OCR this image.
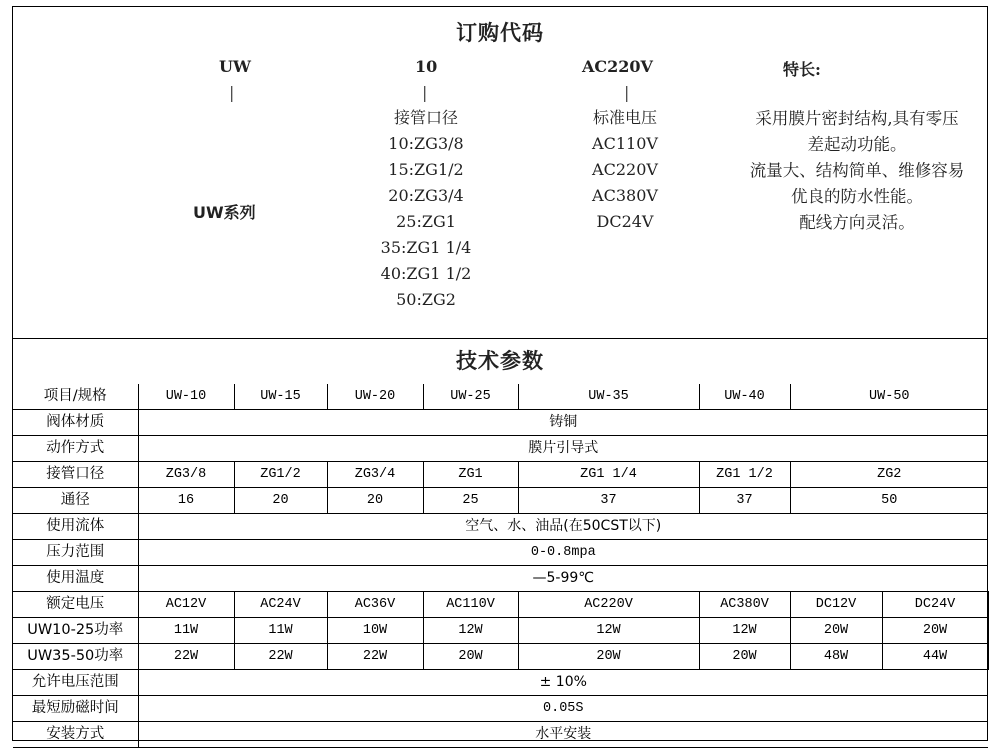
订购代码
UW	10	AC220V	特长:
|	|	|
UW系列
接管口径
10:ZG3/8
15:ZG1/2
20:ZG3/4
25:ZG1
35:ZG1 1/4
40:ZG1 1/2
50:ZG2
标准电压
AC110V
AC220V
AC380V
DC24V
采用膜片密封结构,具有零压
差起动功能。
流量大、结构简单、维修容易
优良的防水性能。
配线方向灵活。
技术参数
项目/规格	UW-10	UW-15	UW-20	UW-25	UW-35	UW-40	UW-50		
阀体材质	铸铜								
动作方式	膜片引导式								
接管口径	ZG3/8	ZG1/2	ZG3/4	ZG1	ZG1 1/4	ZG1 1/2	ZG2		
通径	16	20	20	25	37	37	50		
使用流体	空气、水、油品(在50CST以下)								
压力范围	0-0.8mpa								
使用温度	—5-99℃								
额定电压	AC12V	AC24V	AC36V	AC110V	AC220V	AC380V	DC12V	DC24V	
UW10-25功率	11W	11W	10W	12W	12W	12W	20W	20W	
UW35-50功率	22W	22W	22W	20W	20W	20W	48W	44W	
允许电压范围	± 10%								
最短励磁时间	0.05S								
安装方式	水平安装								
